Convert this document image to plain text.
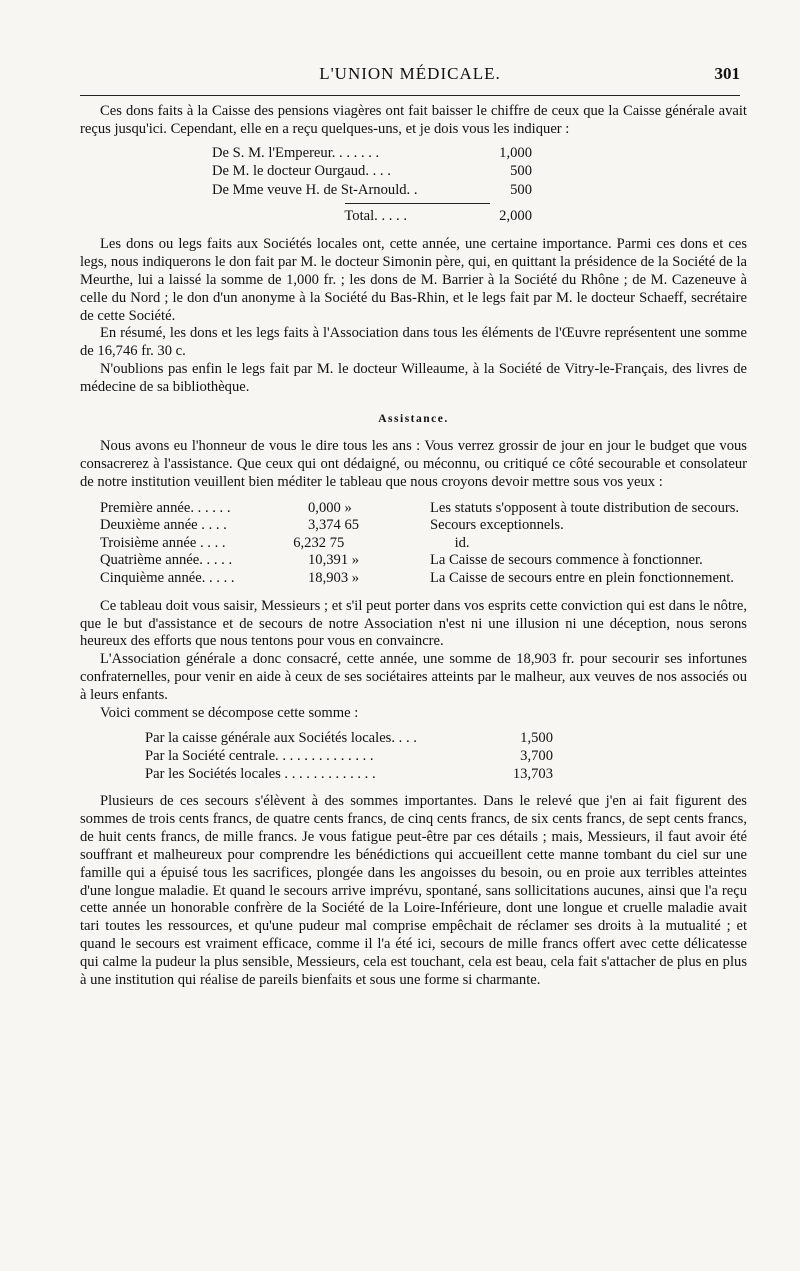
L'UNION MÉDICALE.	301

Ces dons faits à la Caisse des pensions viagères ont fait baisser le chiffre de ceux que la Caisse générale avait reçus jusqu'ici. Cependant, elle en a reçu quelques-uns, et je dois vous les indiquer :

De S. M. l'Empereur. . . . . . .	1,000
De M. le docteur Ourgaud. . . .	500
De Mme veuve H. de St-Arnould. .	500
Total. . . . .	2,000

Les dons ou legs faits aux Sociétés locales ont, cette année, une certaine importance. Parmi ces dons et ces legs, nous indiquerons le don fait par M. le docteur Simonin père, qui, en quittant la présidence de la Société de la Meurthe, lui a laissé la somme de 1,000 fr. ; les dons de M. Barrier à la Société du Rhône ; de M. Cazeneuve à celle du Nord ; le don d'un anonyme à la Société du Bas-Rhin, et le legs fait par M. le docteur Schaeff, secrétaire de cette Société.

En résumé, les dons et les legs faits à l'Association dans tous les éléments de l'Œuvre représentent une somme de 16,746 fr. 30 c.

N'oublions pas enfin le legs fait par M. le docteur Willeaume, à la Société de Vitry-le-Français, des livres de médecine de sa bibliothèque.

Assistance.

Nous avons eu l'honneur de vous le dire tous les ans : Vous verrez grossir de jour en jour le budget que vous consacrerez à l'assistance. Que ceux qui ont dédaigné, ou méconnu, ou critiqué ce côté secourable et consolateur de notre institution veuillent bien méditer le tableau que nous croyons devoir mettre sous vos yeux :

Première année. . . . . .	0,000 »	Les statuts s'opposent à toute distribution de secours.
Deuxième année . . . .	3,374 65	Secours exceptionnels.
Troisième année . . . .	6,232 75	id.
Quatrième année. . . . .	10,391 »	La Caisse de secours commence à fonctionner.
Cinquième année. . . . .	18,903 »	La Caisse de secours entre en plein fonctionnement.

Ce tableau doit vous saisir, Messieurs ; et s'il peut porter dans vos esprits cette conviction qui est dans le nôtre, que le but d'assistance et de secours de notre Association n'est ni une illusion ni une déception, nous serons heureux des efforts que nous tentons pour vous en convaincre.

L'Association générale a donc consacré, cette année, une somme de 18,903 fr. pour secourir ses infortunes confraternelles, pour venir en aide à ceux de ses sociétaires atteints par le malheur, aux veuves de nos associés ou à leurs enfants.

Voici comment se décompose cette somme :

Par la caisse générale aux Sociétés locales. . . .	1,500
Par la Société centrale. . . . . . . . . . . . . .	3,700
Par les Sociétés locales . . . . . . . . . . . . .	13,703

Plusieurs de ces secours s'élèvent à des sommes importantes. Dans le relevé que j'en ai fait figurent des sommes de trois cents francs, de quatre cents francs, de cinq cents francs, de six cents francs, de sept cents francs, de huit cents francs, de mille francs. Je vous fatigue peut-être par ces détails ; mais, Messieurs, il faut avoir été souffrant et malheureux pour comprendre les bénédictions qui accueillent cette manne tombant du ciel sur une famille qui a épuisé tous les sacrifices, plongée dans les angoisses du besoin, ou en proie aux terribles atteintes d'une longue maladie. Et quand le secours arrive imprévu, spontané, sans sollicitations aucunes, ainsi que l'a reçu cette année un honorable confrère de la Société de la Loire-Inférieure, dont une longue et cruelle maladie avait tari toutes les ressources, et qu'une pudeur mal comprise empêchait de réclamer ses droits à la mutualité ; et quand le secours est vraiment efficace, comme il l'a été ici, secours de mille francs offert avec cette délicatesse qui calme la pudeur la plus sensible, Messieurs, cela est touchant, cela est beau, cela fait s'attacher de plus en plus à une institution qui réalise de pareils bienfaits et sous une forme si charmante.
